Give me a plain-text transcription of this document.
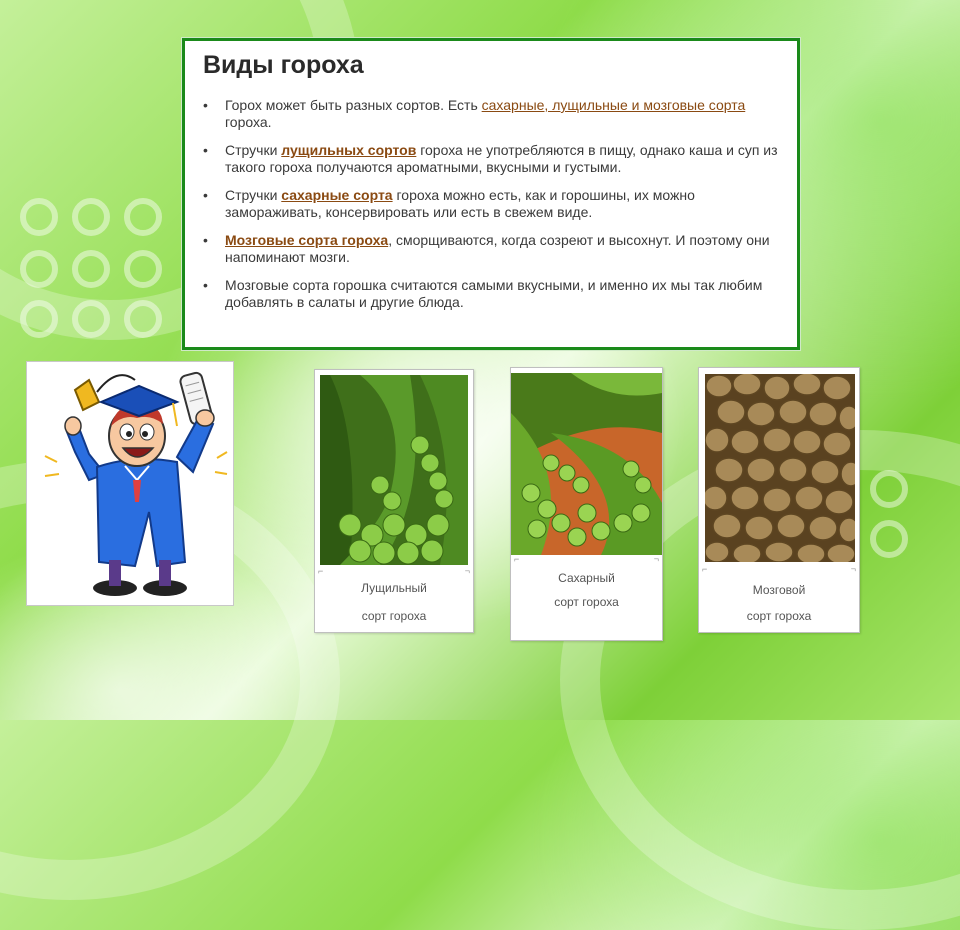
Виды гороха
• Горох может быть разных сортов. Есть сахарные, лущильные и мозговые сорта гороха.
• Стручки лущильных сортов гороха не употребляются в пищу, однако каша и суп из такого гороха получаются ароматными, вкусными и густыми.
• Стручки сахарные сорта гороха можно есть, как и горошины, их можно замораживать, консервировать или есть в свежем виде.
• Мозговые сорта гороха, сморщиваются, когда созреют и высохнут. И поэтому они напоминают мозги.
• Мозговые сорта горошка считаются самыми вкусными, и именно их мы так любим добавлять в салаты и другие блюда.
⌐	¬
Лущильный
сорт гороха
⌐	¬
Сахарный
сорт гороха
⌐	¬
Мозговой
сорт гороха
